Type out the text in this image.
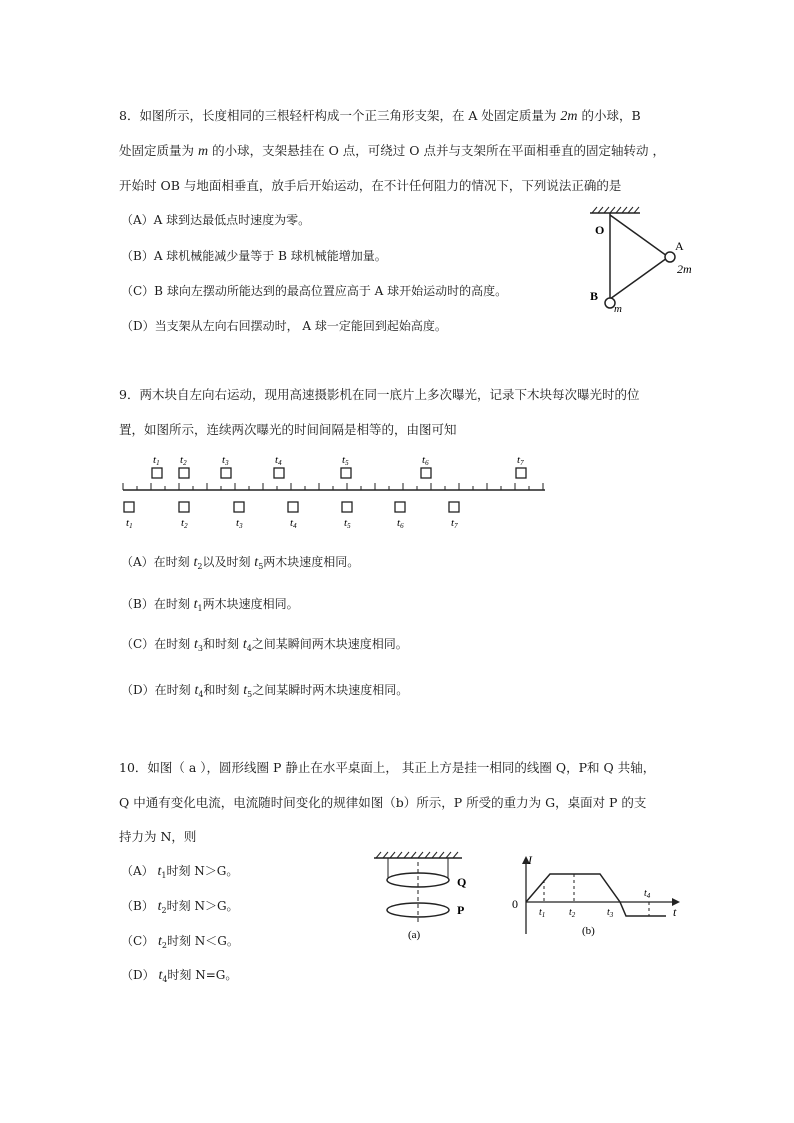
8．如图所示，长度相同的三根轻杆构成一个正三角形支架，在 A 处固定质量为 2m 的小球，B
处固定质量为 m 的小球，支架悬挂在 O 点，可绕过 O 点并与支架所在平面相垂直的固定轴转动 ，
开始时 OB 与地面相垂直，放手后开始运动，在不计任何阻力的情况下，下列说法正确的是
（A）A 球到达最低点时速度为零。
（B）A 球机械能减少量等于 B 球机械能增加量。
（C）B 球向左摆动所能达到的最高位置应高于 A 球开始运动时的高度。
（D）当支架从左向右回摆动时， A 球一定能回到起始高度。
O
A
2m
B
m
9．两木块自左向右运动，现用高速摄影机在同一底片上多次曝光，记录下木块每次曝光时的位
置，如图所示，连续两次曝光的时间间隔是相等的，由图可知
t1 t2	t3	t4	t5	t6	t7
t1	t2	t3	t4	t5	t6	t7
（A）在时刻 $t_2$以及时刻 $t_5$两木块速度相同。
（B）在时刻 $t_1$两木块速度相同。
（C）在时刻 $t_3$和时刻 $t_4$之间某瞬间两木块速度相同。
（D）在时刻 $t_4$和时刻 $t_5$之间某瞬时两木块速度相同。
10．如图（ a ），圆形线圈 P 静止在水平桌面上， 其正上方是挂一相同的线圈 Q，P和 Q 共轴，
Q 中通有变化电流，电流随时间变化的规律如图（b）所示，P 所受的重力为 G，桌面对 P 的支
持力为 N，则
（A） $t_1$时刻 N＞G。
（B） $t_2$时刻 N＞G。
（C） $t_2$时刻 N＜G。
（D） $t_4$时刻 N=G。
Q
P
(a)
I
t
0
$t_1$ $t_2$	$t_3$
$t_4$
(b)
